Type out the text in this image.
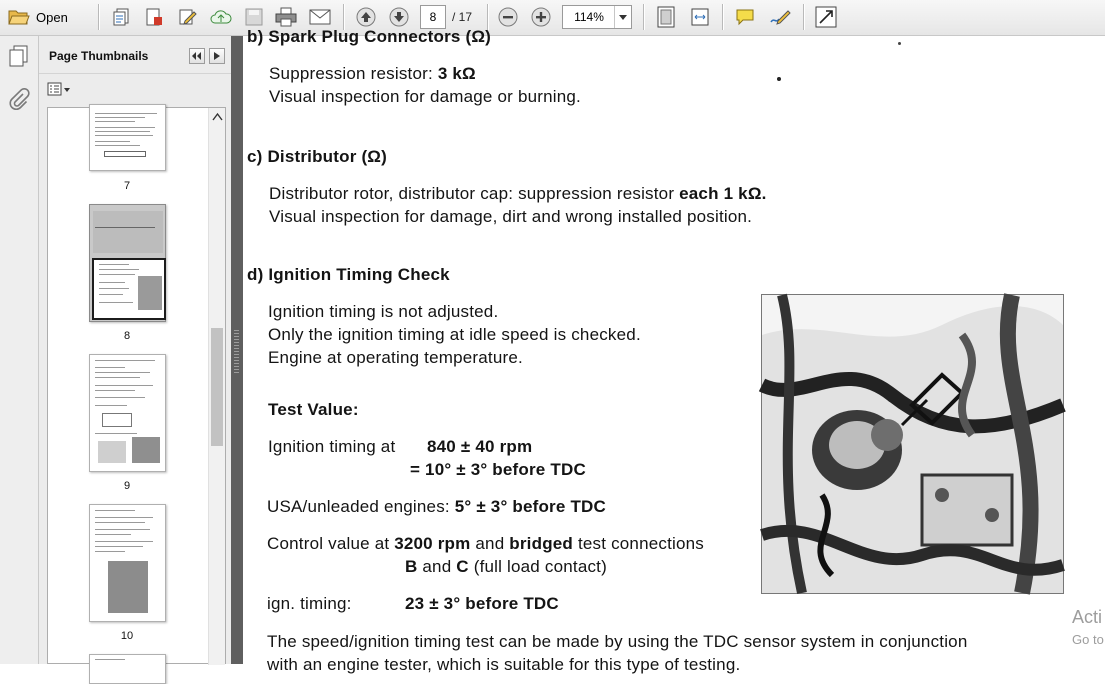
Open
8	/ 17
114%
Page Thumbnails
7
8
9
10
b) Spark Plug Connectors (Ω)
Suppression resistor: 3 kΩ
Visual inspection for damage or burning.
c) Distributor (Ω)
Distributor rotor, distributor cap: suppression resistor each 1 kΩ.
Visual inspection for damage, dirt and wrong installed position.
d) Ignition Timing Check
Ignition timing is not adjusted.
Only the ignition timing at idle speed is checked.
Engine at operating temperature.
Test Value:
Ignition timing at 840 ± 40 rpm
= 10° ± 3° before TDC
USA/unleaded engines: 5° ± 3° before TDC
Control value at 3200 rpm and bridged test connections
B and C (full load contact)
ign. timing:	23 ± 3° before TDC
The speed/ignition timing test can be made by using the TDC sensor system in conjunction
with an engine tester, which is suitable for this type of testing.
Acti
Go to
